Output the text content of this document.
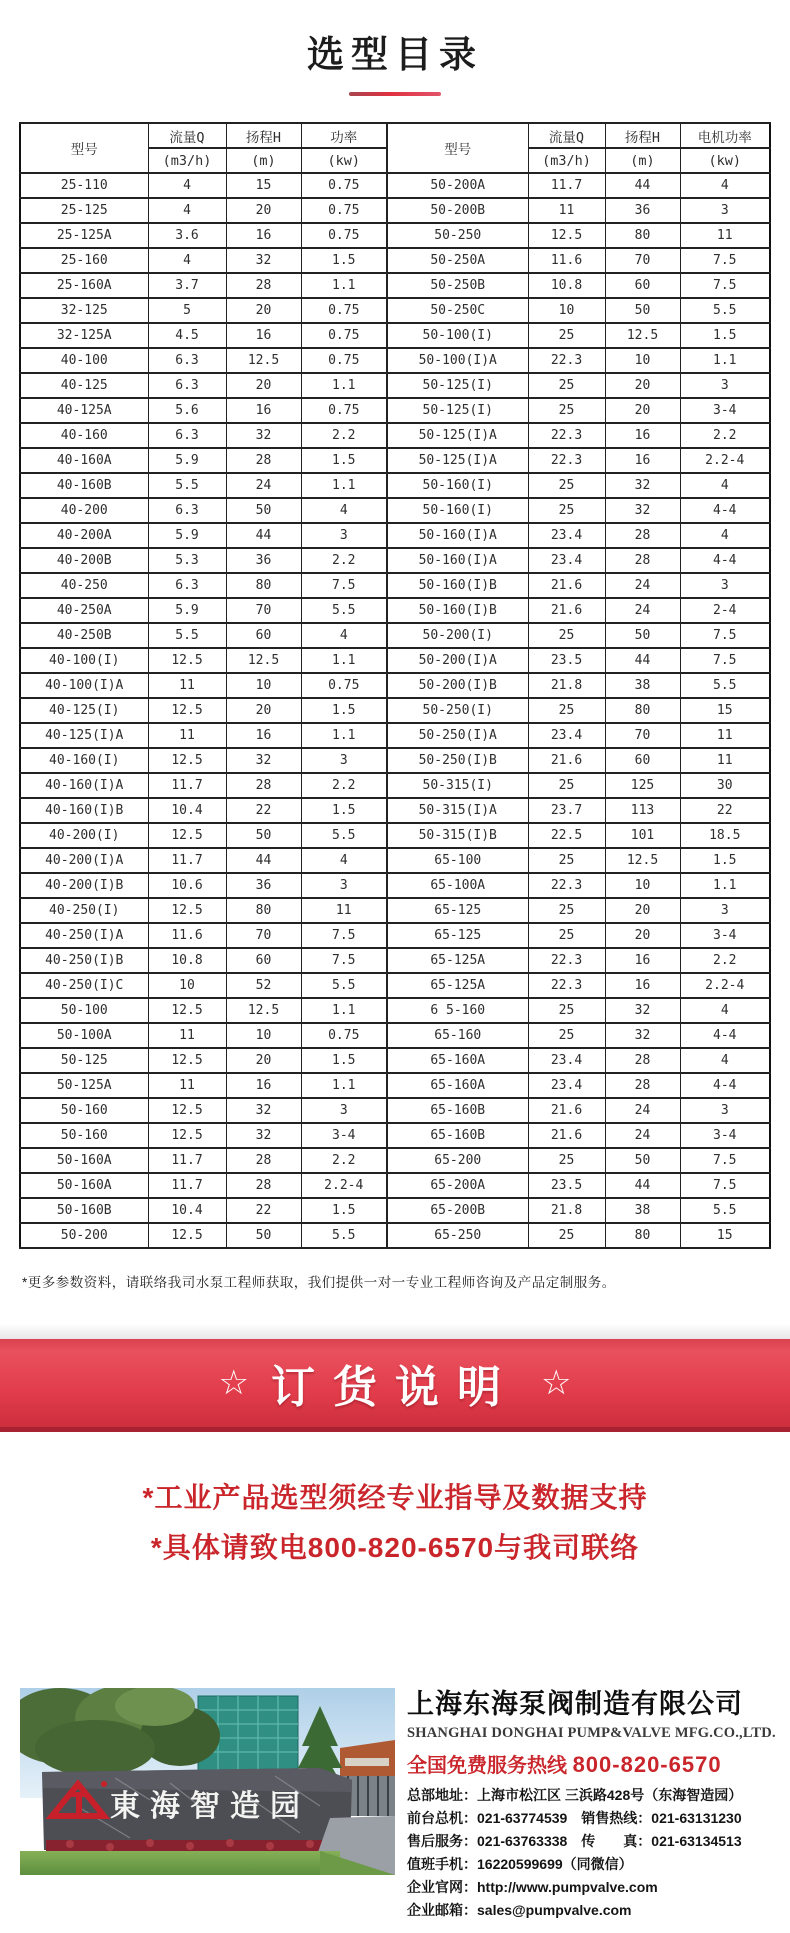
选型目录
型号	流量Q	扬程H	功率	型号	流量Q	扬程H	电机功率
	(m3/h)	(m)	(kw)		(m3/h)	(m)	(kw)
25-110	4	15	0.75	50-200A	11.7	44	4
25-125	4	20	0.75	50-200B	11	36	3
25-125A	3.6	16	0.75	50-250	12.5	80	11
25-160	4	32	1.5	50-250A	11.6	70	7.5
25-160A	3.7	28	1.1	50-250B	10.8	60	7.5
32-125	5	20	0.75	50-250C	10	50	5.5
32-125A	4.5	16	0.75	50-100(I)	25	12.5	1.5
40-100	6.3	12.5	0.75	50-100(I)A	22.3	10	1.1
40-125	6.3	20	1.1	50-125(I)	25	20	3
40-125A	5.6	16	0.75	50-125(I)	25	20	3-4
40-160	6.3	32	2.2	50-125(I)A	22.3	16	2.2
40-160A	5.9	28	1.5	50-125(I)A	22.3	16	2.2-4
40-160B	5.5	24	1.1	50-160(I)	25	32	4
40-200	6.3	50	4	50-160(I)	25	32	4-4
40-200A	5.9	44	3	50-160(I)A	23.4	28	4
40-200B	5.3	36	2.2	50-160(I)A	23.4	28	4-4
40-250	6.3	80	7.5	50-160(I)B	21.6	24	3
40-250A	5.9	70	5.5	50-160(I)B	21.6	24	2-4
40-250B	5.5	60	4	50-200(I)	25	50	7.5
40-100(I)	12.5	12.5	1.1	50-200(I)A	23.5	44	7.5
40-100(I)A	11	10	0.75	50-200(I)B	21.8	38	5.5
40-125(I)	12.5	20	1.5	50-250(I)	25	80	15
40-125(I)A	11	16	1.1	50-250(I)A	23.4	70	11
40-160(I)	12.5	32	3	50-250(I)B	21.6	60	11
40-160(I)A	11.7	28	2.2	50-315(I)	25	125	30
40-160(I)B	10.4	22	1.5	50-315(I)A	23.7	113	22
40-200(I)	12.5	50	5.5	50-315(I)B	22.5	101	18.5
40-200(I)A	11.7	44	4	65-100	25	12.5	1.5
40-200(I)B	10.6	36	3	65-100A	22.3	10	1.1
40-250(I)	12.5	80	11	65-125	25	20	3
40-250(I)A	11.6	70	7.5	65-125	25	20	3-4
40-250(I)B	10.8	60	7.5	65-125A	22.3	16	2.2
40-250(I)C	10	52	5.5	65-125A	22.3	16	2.2-4
50-100	12.5	12.5	1.1	6 5-160	25	32	4
50-100A	11	10	0.75	65-160	25	32	4-4
50-125	12.5	20	1.5	65-160A	23.4	28	4
50-125A	11	16	1.1	65-160A	23.4	28	4-4
50-160	12.5	32	3	65-160B	21.6	24	3
50-160	12.5	32	3-4	65-160B	21.6	24	3-4
50-160A	11.7	28	2.2	65-200	25	50	7.5
50-160A	11.7	28	2.2-4	65-200A	23.5	44	7.5
50-160B	10.4	22	1.5	65-200B	21.8	38	5.5
50-200	12.5	50	5.5	65-250	25	80	15

*更多参数资料，请联络我司水泵工程师获取，我们提供一对一专业工程师咨询及产品定制服务。

☆ 订货说明 ☆

*工业产品选型须经专业指导及数据支持

*具体请致电800-820-6570与我司联络

東海智造园

上海东海泵阀制造有限公司

SHANGHAI DONGHAI PUMP&VALVE MFG.CO.,LTD.

全国免费服务热线 800-820-6570

总部地址：上海市松江区 三浜路428号（东海智造园）

前台总机：021-63774539　销售热线：021-63131230

售后服务：021-63763338　传　　真：021-63134513

值班手机：16220599699（同微信）

企业官网：http://www.pumpvalve.com

企业邮箱：sales@pumpvalve.com
